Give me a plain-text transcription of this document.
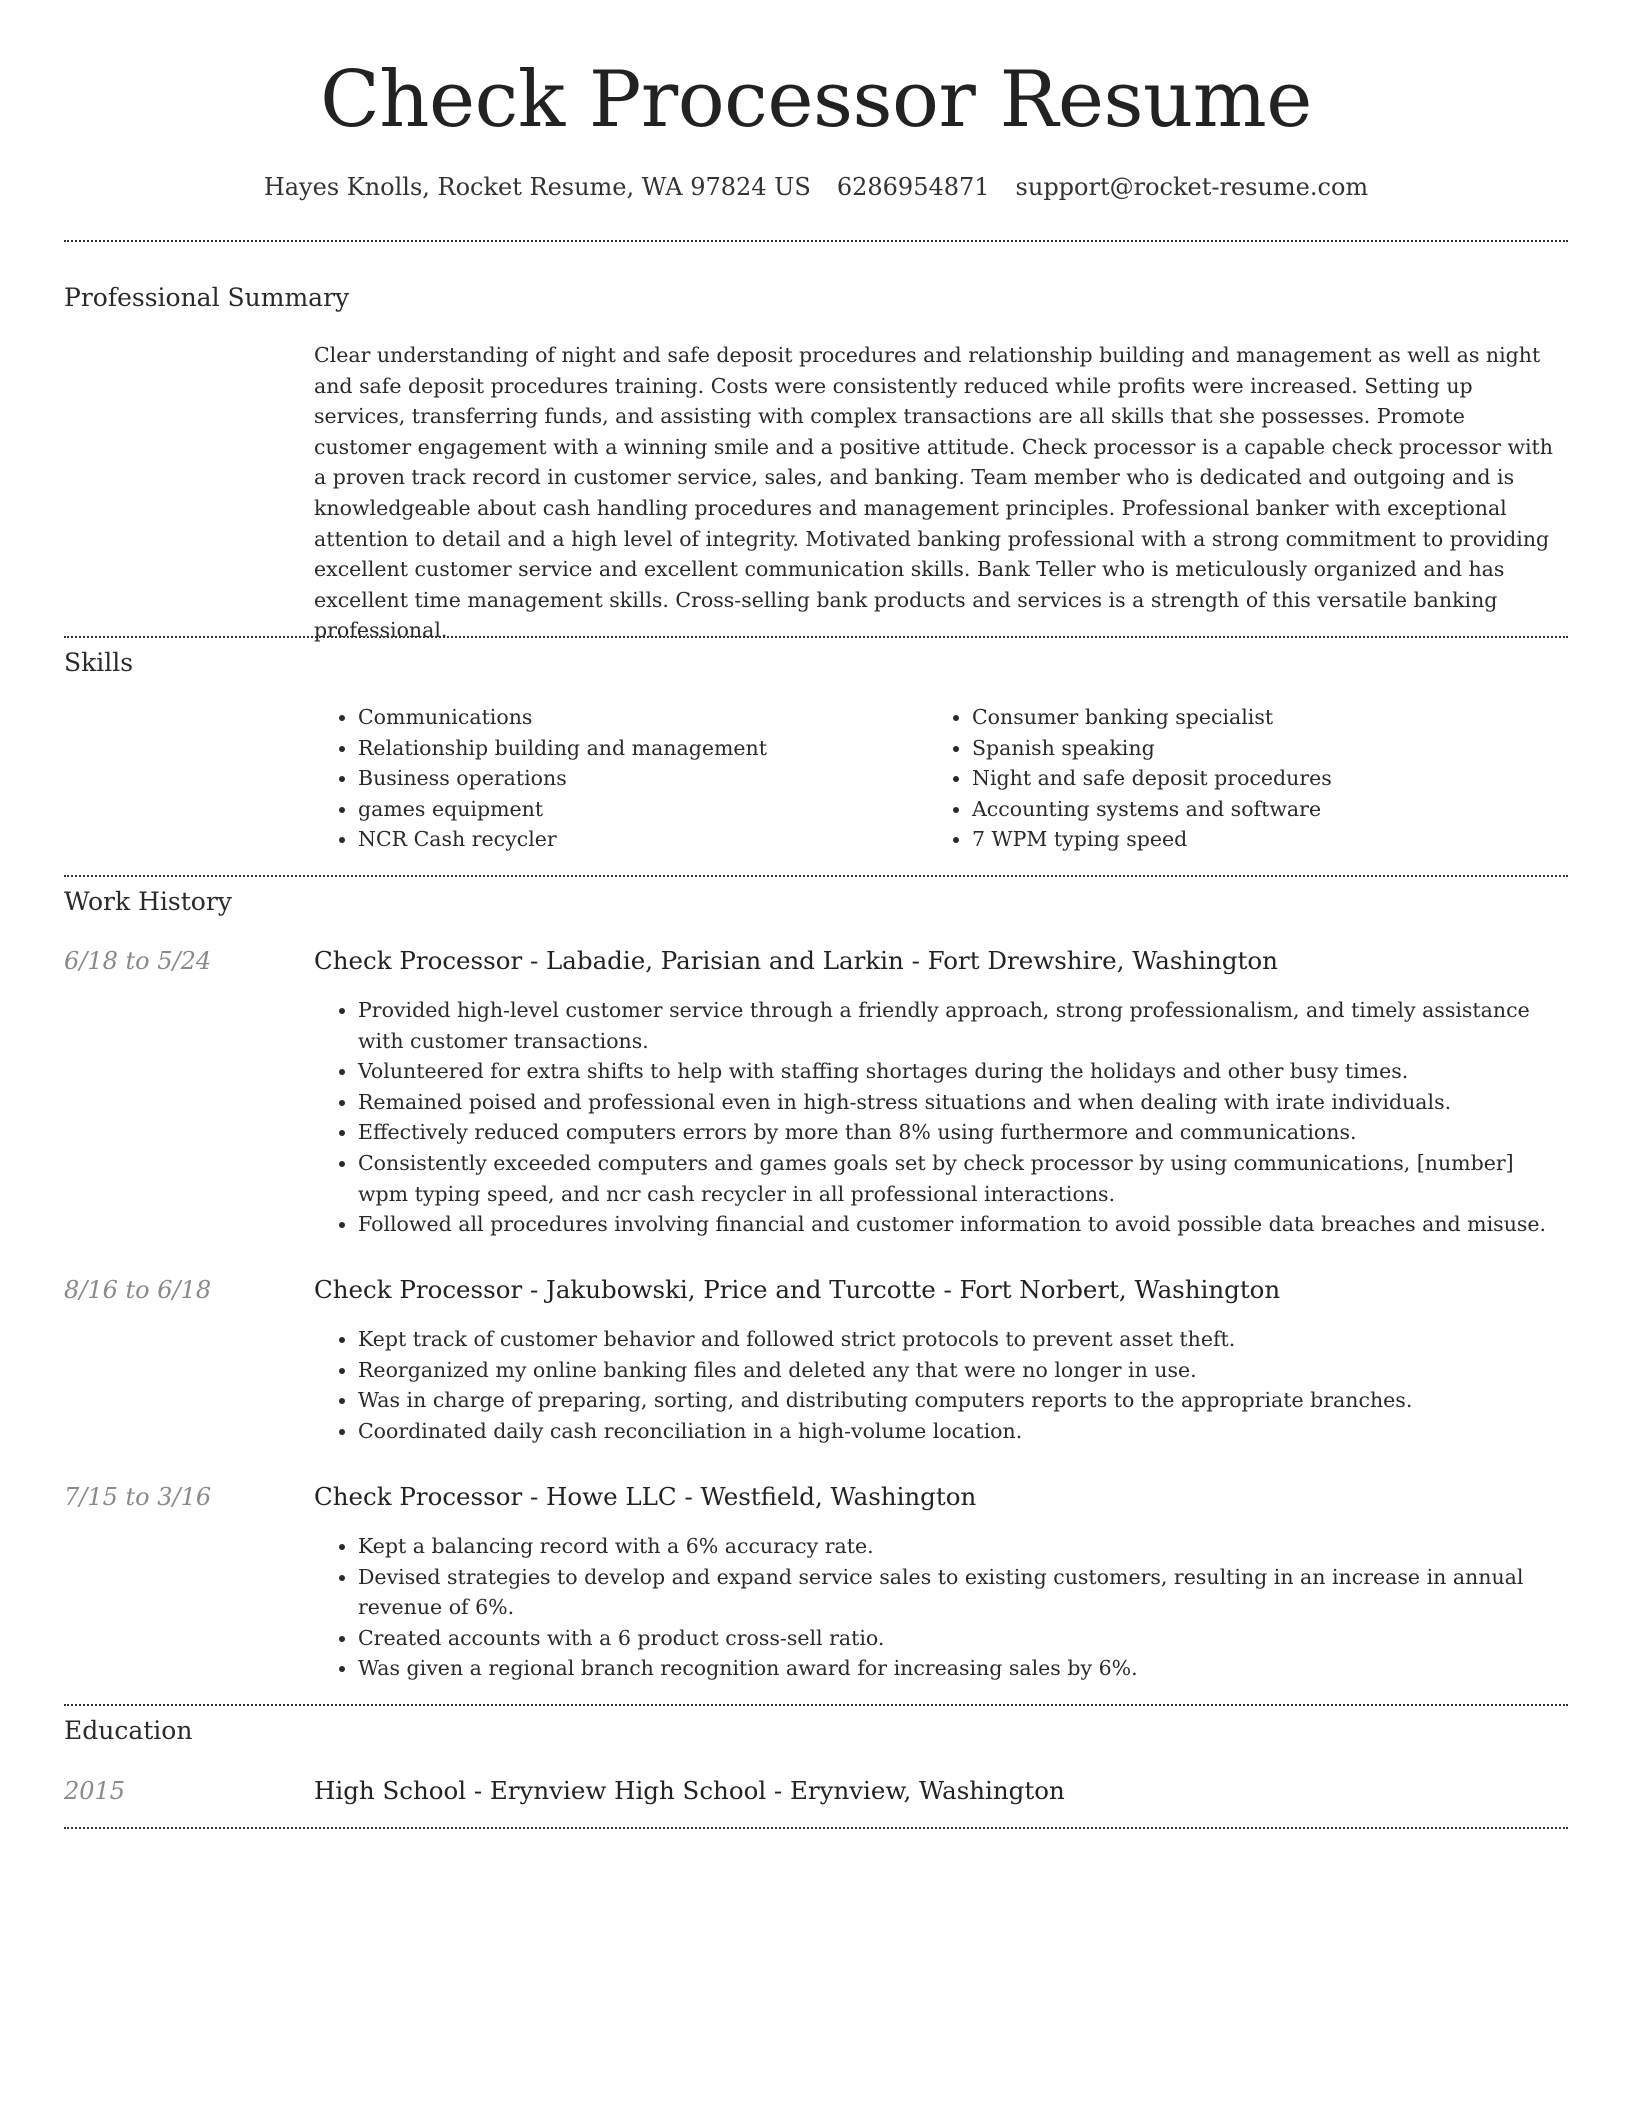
Check Processor Resume
Hayes Knolls, Rocket Resume, WA 97824 US 6286954871 support@rocket-resume.com
Professional Summary
Clear understanding of night and safe deposit procedures and relationship building and management as well as night and safe deposit procedures training. Costs were consistently reduced while profits were increased. Setting up services, transferring funds, and assisting with complex transactions are all skills that she possesses. Promote customer engagement with a winning smile and a positive attitude. Check processor is a capable check processor with a proven track record in customer service, sales, and banking. Team member who is dedicated and outgoing and is knowledgeable about cash handling procedures and management principles. Professional banker with exceptional attention to detail and a high level of integrity. Motivated banking professional with a strong commitment to providing excellent customer service and excellent communication skills. Bank Teller who is meticulously organized and has excellent time management skills. Cross-selling bank products and services is a strength of this versatile banking professional.
Skills
• Communications
• Relationship building and management
• Business operations
• games equipment
• NCR Cash recycler
• Consumer banking specialist
• Spanish speaking
• Night and safe deposit procedures
• Accounting systems and software
• 7 WPM typing speed
Work History
6/18 to 5/24	Check Processor - Labadie, Parisian and Larkin - Fort Drewshire, Washington
• Provided high-level customer service through a friendly approach, strong professionalism, and timely assistance with customer transactions.
• Volunteered for extra shifts to help with staffing shortages during the holidays and other busy times.
• Remained poised and professional even in high-stress situations and when dealing with irate individuals.
• Effectively reduced computers errors by more than 8% using furthermore and communications.
• Consistently exceeded computers and games goals set by check processor by using communications, [number] wpm typing speed, and ncr cash recycler in all professional interactions.
• Followed all procedures involving financial and customer information to avoid possible data breaches and misuse.
8/16 to 6/18	Check Processor - Jakubowski, Price and Turcotte - Fort Norbert, Washington
• Kept track of customer behavior and followed strict protocols to prevent asset theft.
• Reorganized my online banking files and deleted any that were no longer in use.
• Was in charge of preparing, sorting, and distributing computers reports to the appropriate branches.
• Coordinated daily cash reconciliation in a high-volume location.
7/15 to 3/16	Check Processor - Howe LLC - Westfield, Washington
• Kept a balancing record with a 6% accuracy rate.
• Devised strategies to develop and expand service sales to existing customers, resulting in an increase in annual revenue of 6%.
• Created accounts with a 6 product cross-sell ratio.
• Was given a regional branch recognition award for increasing sales by 6%.
Education
2015	High School - Erynview High School - Erynview, Washington
